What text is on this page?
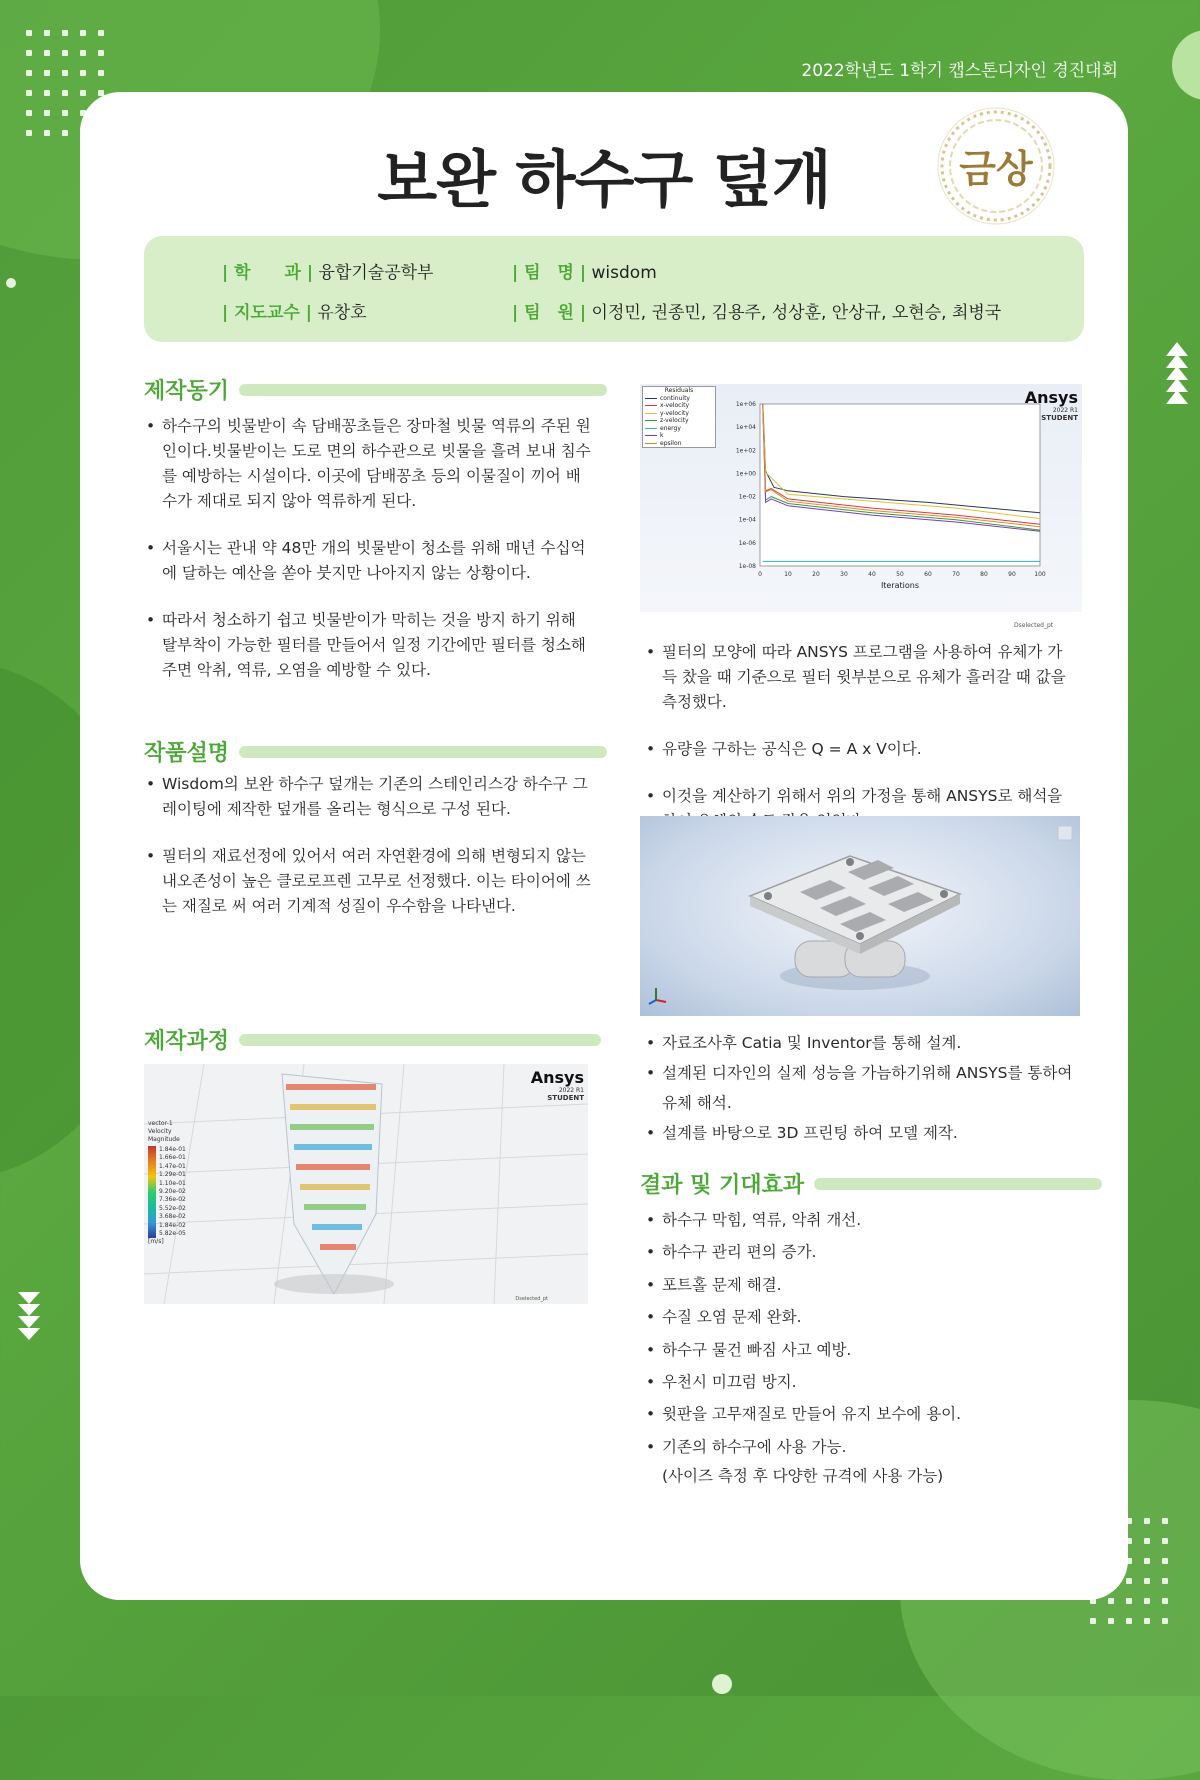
2022학년도 1학기 캡스톤디자인 경진대회
보완 하수구 덮개	금상
| 학　　과 | 융합기술공학부	| 팀　명 | wisdom
| 지도교수 | 유창호	| 팀　원 | 이정민, 권종민, 김용주, 성상훈, 안상규, 오현승, 최병국
제작동기
• 하수구의 빗물받이 속 담배꽁초들은 장마철 빗물 역류의 주된 원인이다.빗물받이는 도로 면의 하수관으로 빗물을 흘려 보내 침수를 예방하는 시설이다. 이곳에 담배꽁초 등의 이물질이 끼어 배수가 제대로 되지 않아 역류하게 된다.
• 서울시는 관내 약 48만 개의 빗물받이 청소를 위해 매년 수십억에 달하는 예산을 쏟아 붓지만 나아지지 않는 상황이다.
• 따라서 청소하기 쉽고 빗물받이가 막히는 것을 방지 하기 위해 탈부착이 가능한 필터를 만들어서 일정 기간에만 필터를 청소해주면 악취, 역류, 오염을 예방할 수 있다.
작품설명
• Wisdom의 보완 하수구 덮개는 기존의 스테인리스강 하수구 그레이팅에 제작한 덮개를 올리는 형식으로 구성 된다.
• 필터의 재료선정에 있어서 여러 자연환경에 의해 변형되지 않는 내오존성이 높은 클로로프렌 고무로 선정했다. 이는 타이어에 쓰는 재질로 써 여러 기계적 성질이 우수함을 나타낸다.
제작과정
vector-1 Velocity Magnitude
1.84e-01
1.66e-01
1.47e-01
1.29e-01
1.10e-01
9.20e-02
7.36e-02
5.52e-02
3.68e-02
1.84e-02
5.82e-05
[m/s]
Ansys
2022 R1
STUDENT
Dselected_pt
1e+06
1e+04
1e+02
1e+00
1e-02
1e-04
1e-06
1e-08
0	10	20	30	40	50	60	70	80	90	100
Iterations
Residuals
continuity
x-velocity
y-velocity
z-velocity
energy
k
epsilon
Ansys
2022 R1
STUDENT
Dselected_pt
• 필터의 모양에 따라 ANSYS 프로그램을 사용하여 유체가 가득 찼을 때 기준으로 필터 윗부분으로 유체가 흘러갈 때 값을 측정했다.
• 유량을 구하는 공식은 Q = A x V이다.
• 이것을 계산하기 위해서 위의 가정을 통해 ANSYS로 해석을
• 자료조사후 Catia 및 Inventor를 통해 설계.
• 설계된 디자인의 실제 성능을 가늠하기위해 ANSYS를 통하여 유체 해석.
• 설계를 바탕으로 3D 프린팅 하여 모델 제작.
결과 및 기대효과
• 하수구 막힘, 역류, 악취 개선.
• 하수구 관리 편의 증가.
• 포트홀 문제 해결.
• 수질 오염 문제 완화.
• 하수구 물건 빠짐 사고 예방.
• 우천시 미끄럼 방지.
• 윗판을 고무재질로 만들어 유지 보수에 용이.
• 기존의 하수구에 사용 가능.
(사이즈 측정 후 다양한 규격에 사용 가능)
